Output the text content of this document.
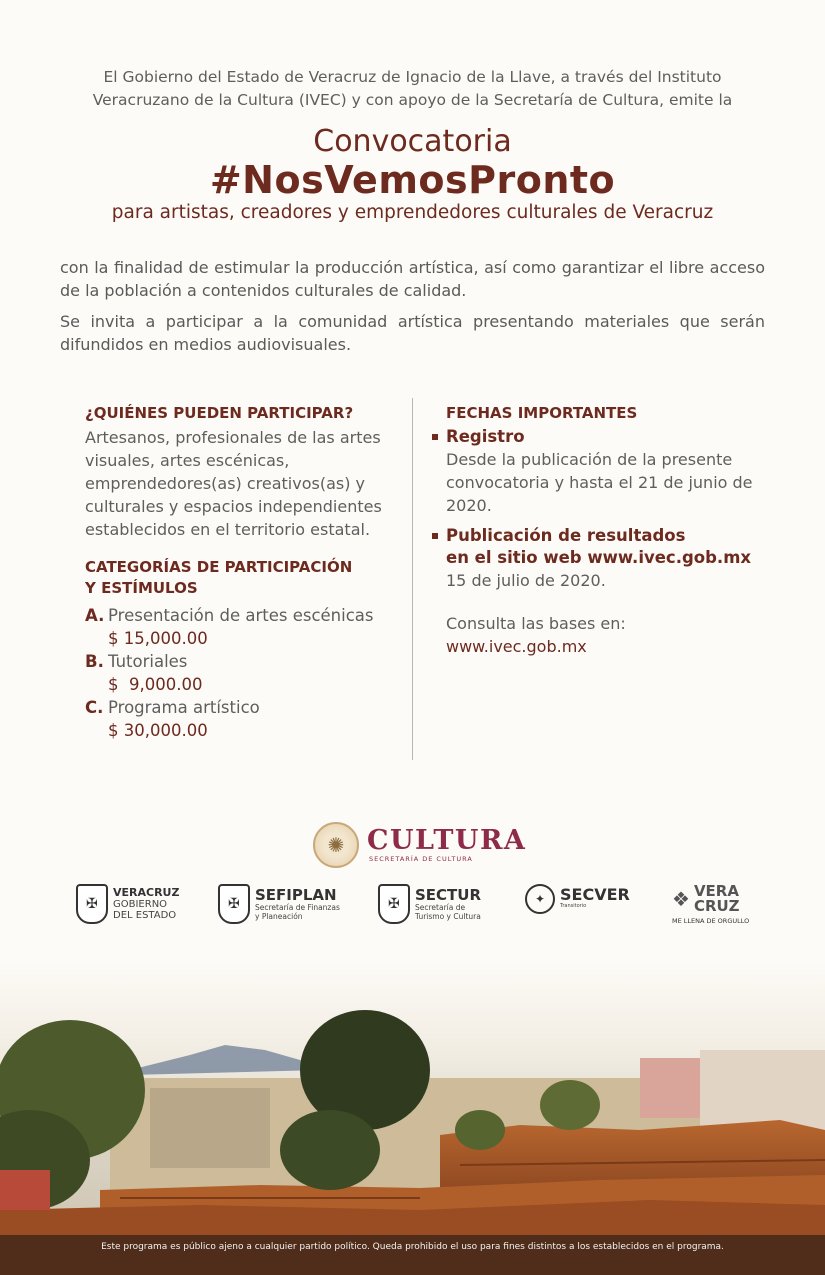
El Gobierno del Estado de Veracruz de Ignacio de la Llave, a través del Instituto Veracruzano de la Cultura (IVEC) y con apoyo de la Secretaría de Cultura, emite la

Convocatoria
#NosVemosPronto
para artistas, creadores y emprendedores culturales de Veracruz

con la finalidad de estimular la producción artística, así como garantizar el libre acceso de la población a contenidos culturales de calidad.

Se invita a participar a la comunidad artística presentando materiales que serán difundidos en medios audiovisuales.

¿QUIÉNES PUEDEN PARTICIPAR?
Artesanos, profesionales de las artes visuales, artes escénicas, emprendedores(as) creativos(as) y culturales y espacios independientes establecidos en el territorio estatal.
CATEGORÍAS DE PARTICIPACIÓN
Y ESTÍMULOS
A. Presentación de artes escénicas
$ 15,000.00
B. Tutoriales
$  9,000.00
C. Programa artístico
$ 30,000.00
FECHAS IMPORTANTES
Registro
Desde la publicación de la presente convocatoria y hasta el 21 de junio de 2020.
Publicación de resultados
en el sitio web www.ivec.gob.mx
15 de julio de 2020.
Consulta las bases en:
www.ivec.gob.mx
✺ CULTURA
SECRETARÍA DE CULTURA
✠
VERACRUZ
GOBIERNO
DEL ESTADO
✠
SEFIPLAN
Secretaría de Finanzas
y Planeación
✠
SECTUR
Secretaría de
Turismo y Cultura
✦ SECVER
Transitorio	❖ VERA
CRUZ
ME LLENA DE ORGULLO
Este programa es público ajeno a cualquier partido político. Queda prohibido el uso para fines distintos a los establecidos en el programa.
